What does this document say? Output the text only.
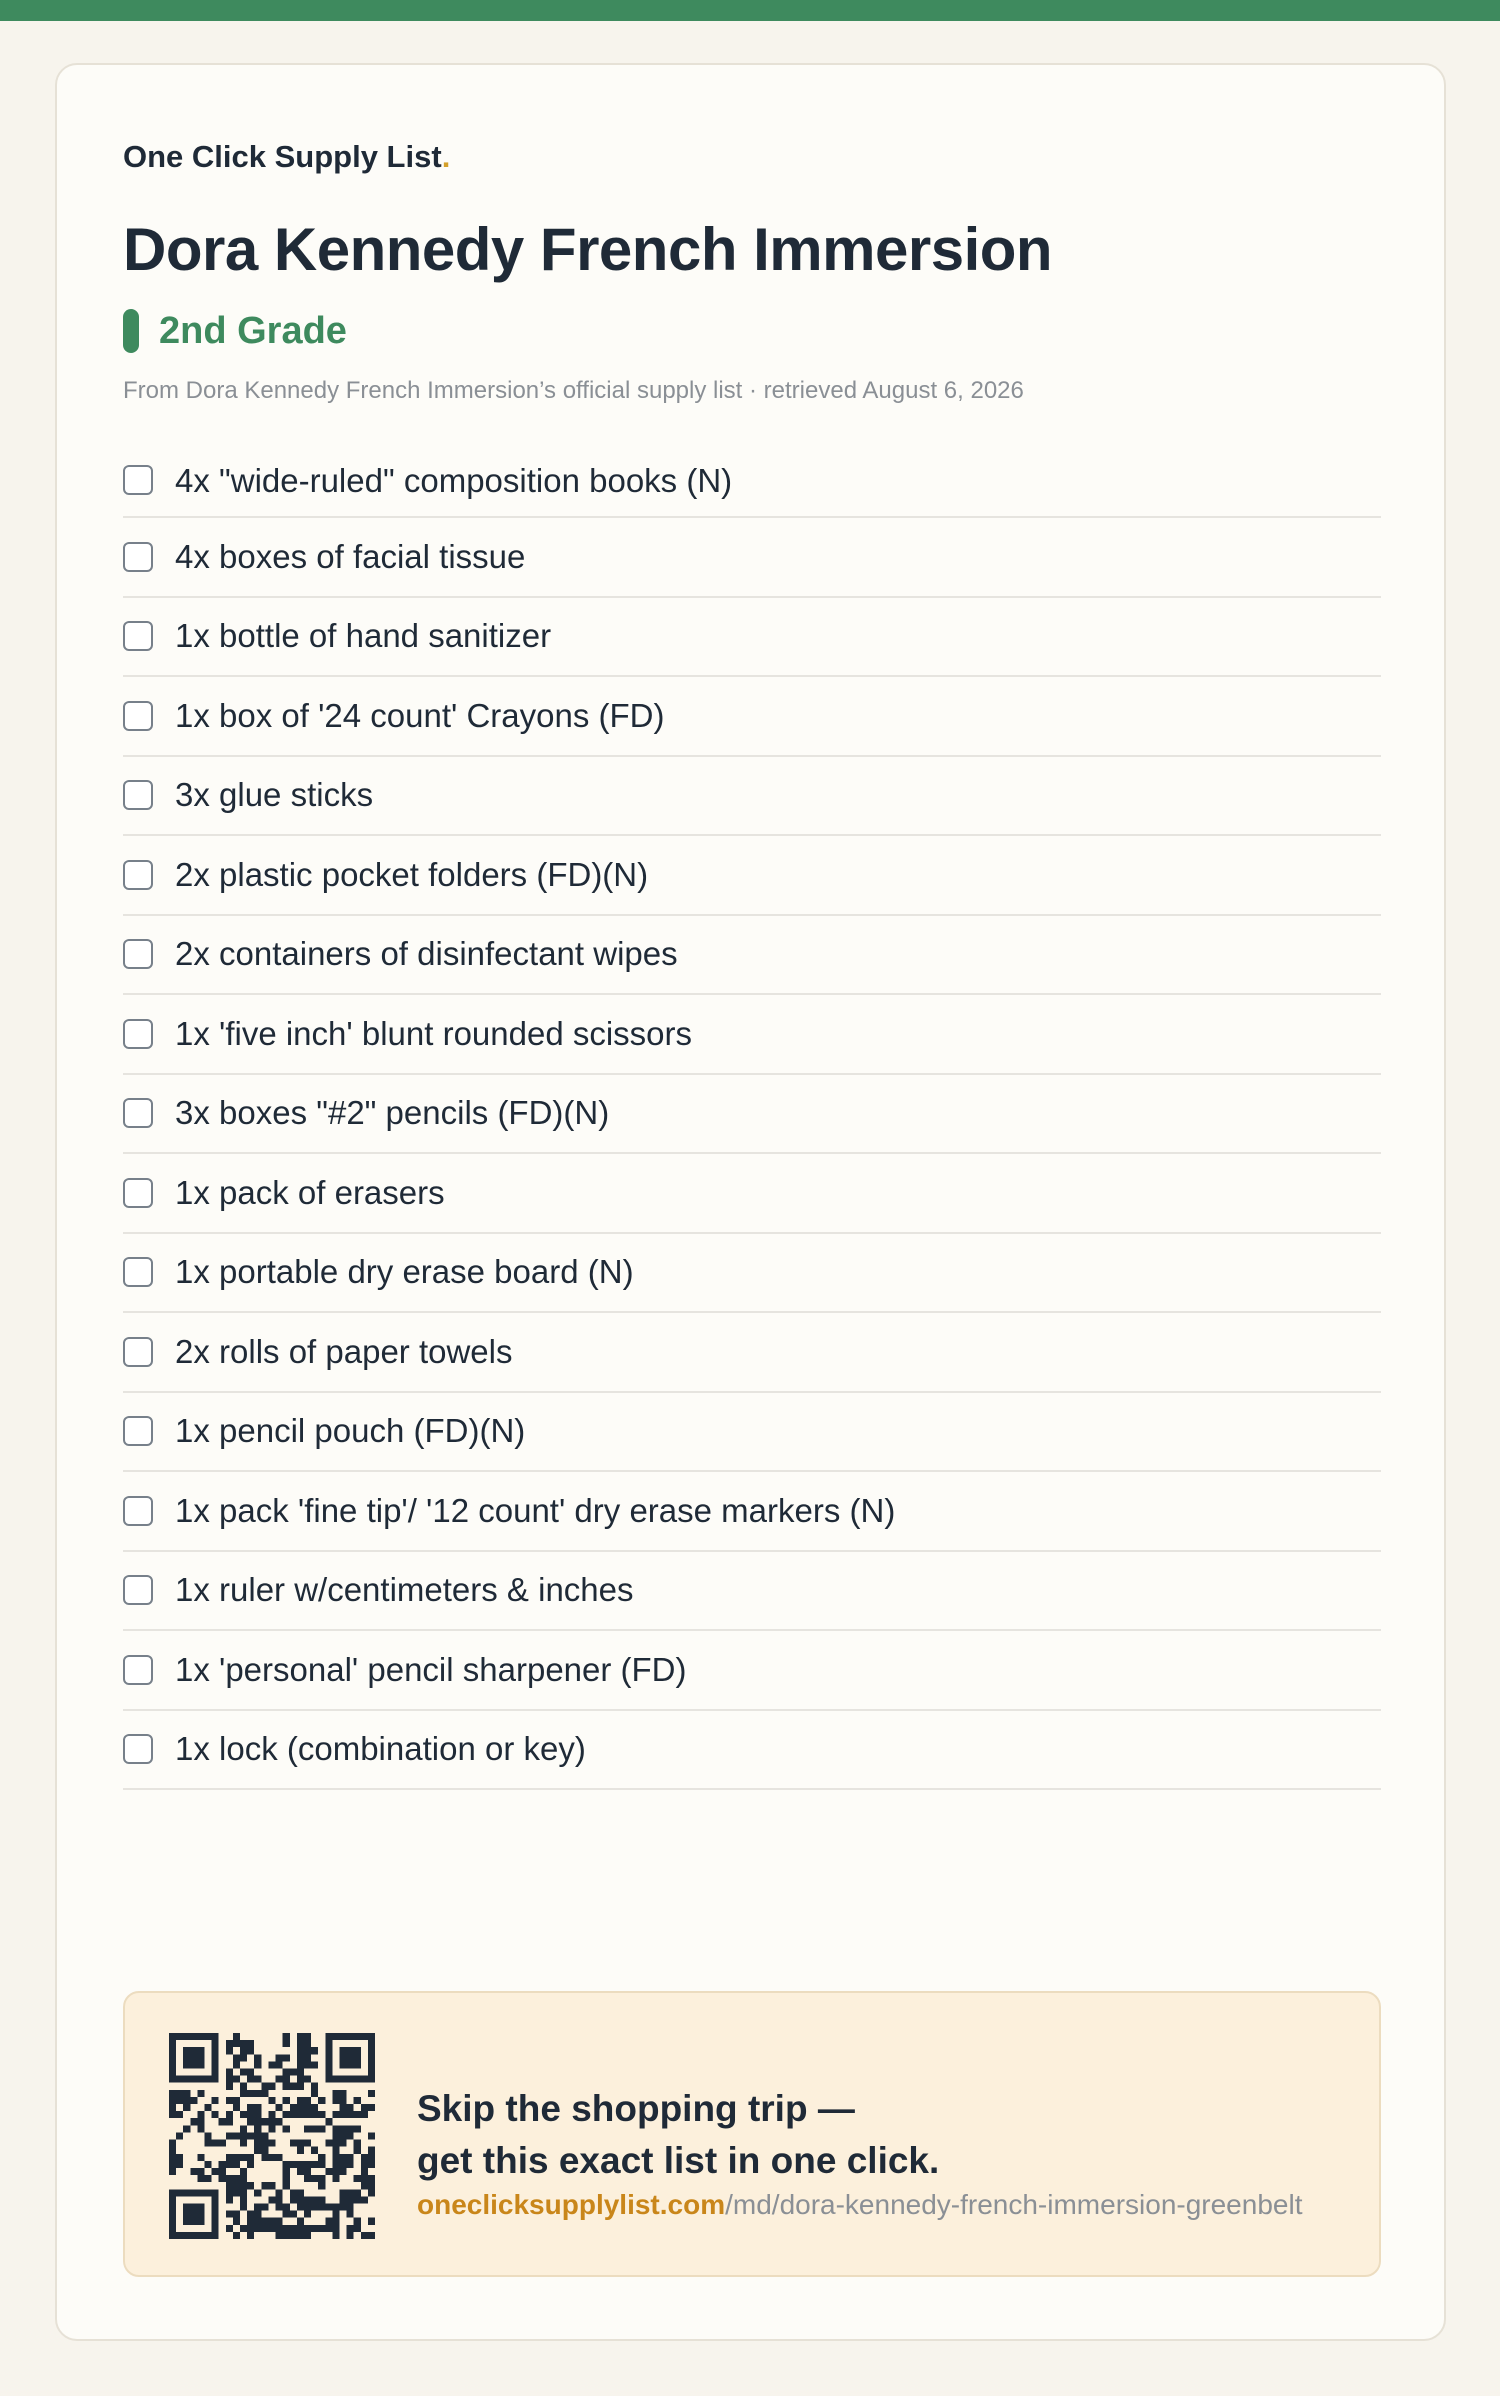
One Click Supply List.
Dora Kennedy French Immersion
2nd Grade
From Dora Kennedy French Immersion’s official supply list · retrieved August 6, 2026
4x "wide-ruled" composition books (N)
4x boxes of facial tissue
1x bottle of hand sanitizer
1x box of '24 count' Crayons (FD)
3x glue sticks
2x plastic pocket folders (FD)(N)
2x containers of disinfectant wipes
1x 'five inch' blunt rounded scissors
3x boxes "#2" pencils (FD)(N)
1x pack of erasers
1x portable dry erase board (N)
2x rolls of paper towels
1x pencil pouch (FD)(N)
1x pack 'fine tip'/ '12 count' dry erase markers (N)
1x ruler w/centimeters & inches
1x 'personal' pencil sharpener (FD)
1x lock (combination or key)
Skip the shopping trip —
get this exact list in one click.
oneclicksupplylist.com/md/dora-kennedy-french-immersion-greenbelt
